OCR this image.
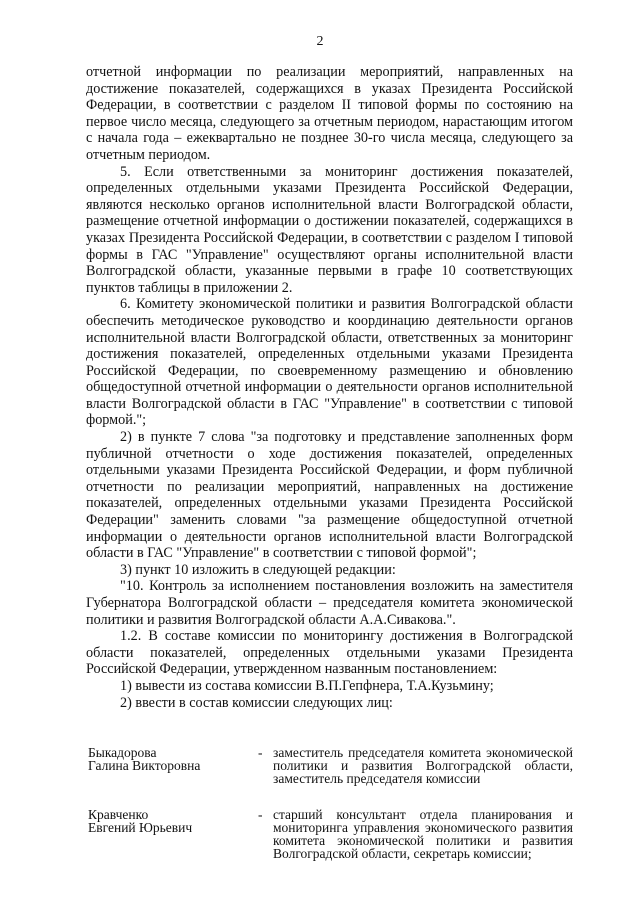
2

отчетной информации по реализации мероприятий, направленных на достижение показателей, содержащихся в указах Президента Российской Федерации, в соответствии с разделом II типовой формы по состоянию на первое число месяца, следующего за отчетным периодом, нарастающим итогом с начала года – ежеквартально не позднее 30-го числа месяца, следующего за отчетным периодом.

5. Если ответственными за мониторинг достижения показателей, определенных отдельными указами Президента Российской Федерации, являются несколько органов исполнительной власти Волгоградской области, размещение отчетной информации о достижении показателей, содержащихся в указах Президента Российской Федерации, в соответствии с разделом I типовой формы в ГАС "Управление" осуществляют органы исполнительной власти Волгоградской области, указанные первыми в графе 10 соответствующих пунктов таблицы в приложении 2.

6. Комитету экономической политики и развития Волгоградской области обеспечить методическое руководство и координацию деятельности органов исполнительной власти Волгоградской области, ответственных за мониторинг достижения показателей, определенных отдельными указами Президента Российской Федерации, по своевременному размещению и обновлению общедоступной отчетной информации о деятельности органов исполнительной власти Волгоградской области в ГАС "Управление" в соответствии с типовой формой.";

2) в пункте 7 слова "за подготовку и представление заполненных форм публичной отчетности о ходе достижения показателей, определенных отдельными указами Президента Российской Федерации, и форм публичной отчетности по реализации мероприятий, направленных на достижение показателей, определенных отдельными указами Президента Российской Федерации" заменить словами "за размещение общедоступной отчетной информации о деятельности органов исполнительной власти Волгоградской области в ГАС "Управление" в соответствии с типовой формой";

3) пункт 10 изложить в следующей редакции:

"10. Контроль за исполнением постановления возложить на заместителя Губернатора Волгоградской области – председателя комитета экономической политики и развития Волгоградской области А.А.Сивакова.".

1.2. В составе комиссии по мониторингу достижения в Волгоградской области показателей, определенных отдельными указами Президента Российской Федерации, утвержденном названным постановлением:

1) вывести из состава комиссии В.П.Гепфнера, Т.А.Кузьмину;

2) ввести в состав комиссии следующих лиц:

Быкадорова
Галина Викторовна
- заместитель председателя комитета экономической политики и развития Волгоградской области, заместитель председателя комиссии
Кравченко
Евгений Юрьевич
- старший консультант отдела планирования и мониторинга управления экономического развития комитета экономической политики и развития Волгоградской области, секретарь комиссии;
